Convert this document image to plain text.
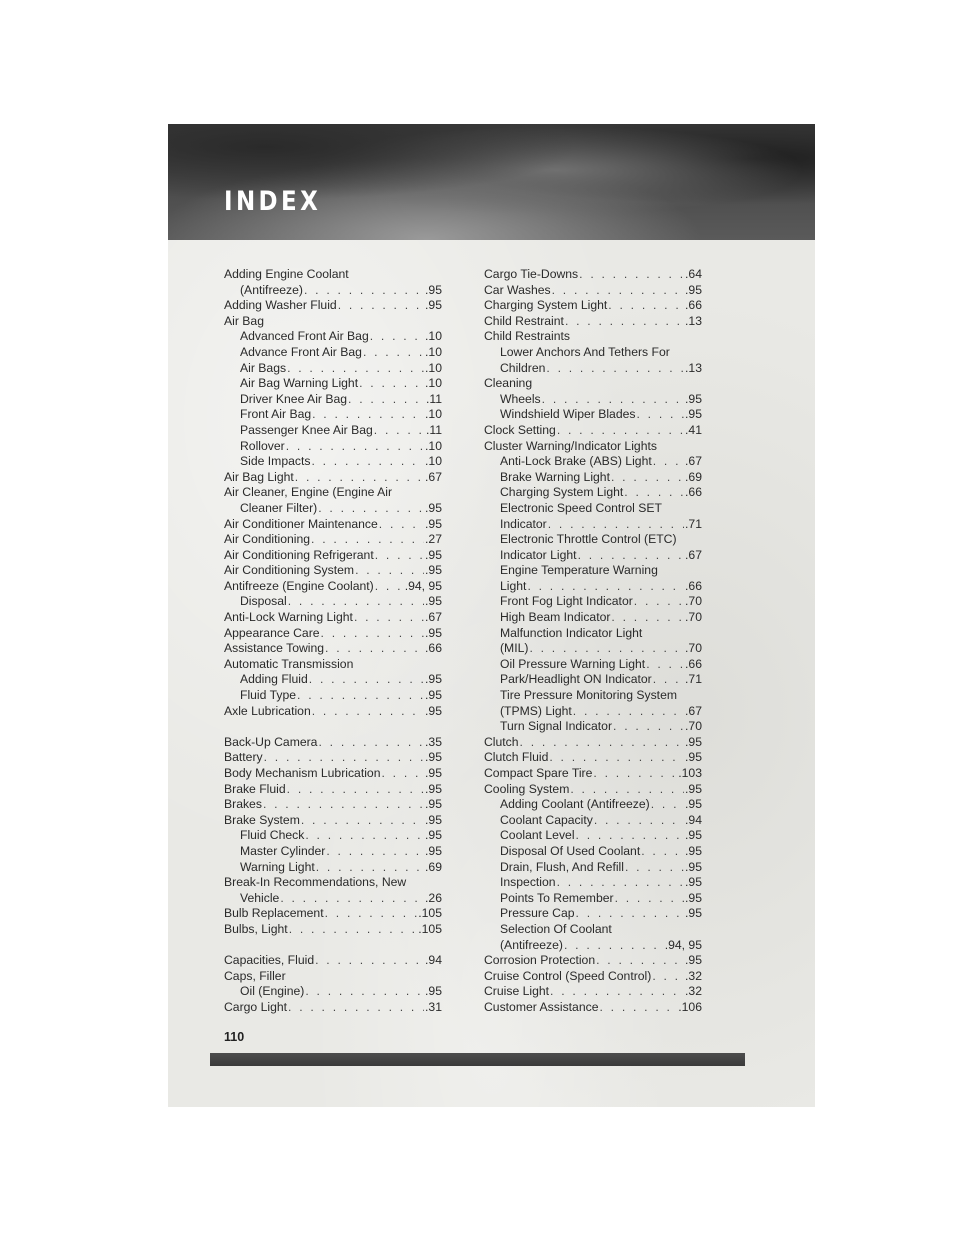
INDEX
Adding Engine Coolant
(Antifreeze) . . .	.95
Adding Washer Fluid . . .	.95
Air Bag
Advanced Front Air Bag . . .	.10
Advance Front Air Bag . . .	.10
Air Bags . . .	.10
Air Bag Warning Light . . .	.10
Driver Knee Air Bag . . .	.11
Front Air Bag . . .	.10
Passenger Knee Air Bag . . .	.11
Rollover . . .	.10
Side Impacts . . .	.10
Air Bag Light . . .	.67
Air Cleaner, Engine (Engine Air
Cleaner Filter) . . .	.95
Air Conditioner Maintenance . . .	.95
Air Conditioning . . .	.27
Air Conditioning Refrigerant . . .	.95
Air Conditioning System . . .	.95
Antifreeze (Engine Coolant) . . .	.94, 95
Disposal . . .	.95
Anti-Lock Warning Light . . .	.67
Appearance Care . . .	.95
Assistance Towing . . .	.66
Automatic Transmission
Adding Fluid . . .	.95
Fluid Type . . .	.95
Axle Lubrication . . .	.95
Back-Up Camera . . .	.35
Battery . . .	.95
Body Mechanism Lubrication . . .	.95
Brake Fluid . . .	.95
Brakes . . .	.95
Brake System . . .	.95
Fluid Check . . .	.95
Master Cylinder . . .	.95
Warning Light . . .	.69
Break-In Recommendations, New
Vehicle . . .	.26
Bulb Replacement . . .	.105
Bulbs, Light . . .	.105
Capacities, Fluid . . .	.94
Caps, Filler
Oil (Engine) . . .	.95
Cargo Light . . .	.31
Cargo Tie-Downs . . .	.64
Car Washes . . .	.95
Charging System Light . . .	.66
Child Restraint . . .	.13
Child Restraints
Lower Anchors And Tethers For
Children . . .	.13
Cleaning
Wheels . . .	.95
Windshield Wiper Blades . . .	.95
Clock Setting . . .	.41
Cluster Warning/Indicator Lights
Anti-Lock Brake (ABS) Light . . .	.67
Brake Warning Light . . .	.69
Charging System Light . . .	.66
Electronic Speed Control SET
Indicator . . .	.71
Electronic Throttle Control (ETC)
Indicator Light . . .	.67
Engine Temperature Warning
Light . . .	.66
Front Fog Light Indicator . . .	.70
High Beam Indicator . . .	.70
Malfunction Indicator Light
(MIL) . . .	.70
Oil Pressure Warning Light . . .	.66
Park/Headlight ON Indicator . . .	.71
Tire Pressure Monitoring System
(TPMS) Light . . .	.67
Turn Signal Indicator . . .	.70
Clutch . . .	.95
Clutch Fluid . . .	.95
Compact Spare Tire . . .	.103
Cooling System . . .	.95
Adding Coolant (Antifreeze) . . .	.95
Coolant Capacity . . .	.94
Coolant Level . . .	.95
Disposal Of Used Coolant . . .	.95
Drain, Flush, And Refill . . .	.95
Inspection . . .	.95
Points To Remember . . .	.95
Pressure Cap . . .	.95
Selection Of Coolant
(Antifreeze) . . .	.94, 95
Corrosion Protection . . .	.95
Cruise Control (Speed Control) . . .	.32
Cruise Light . . .	.32
Customer Assistance . . .	.106
110
